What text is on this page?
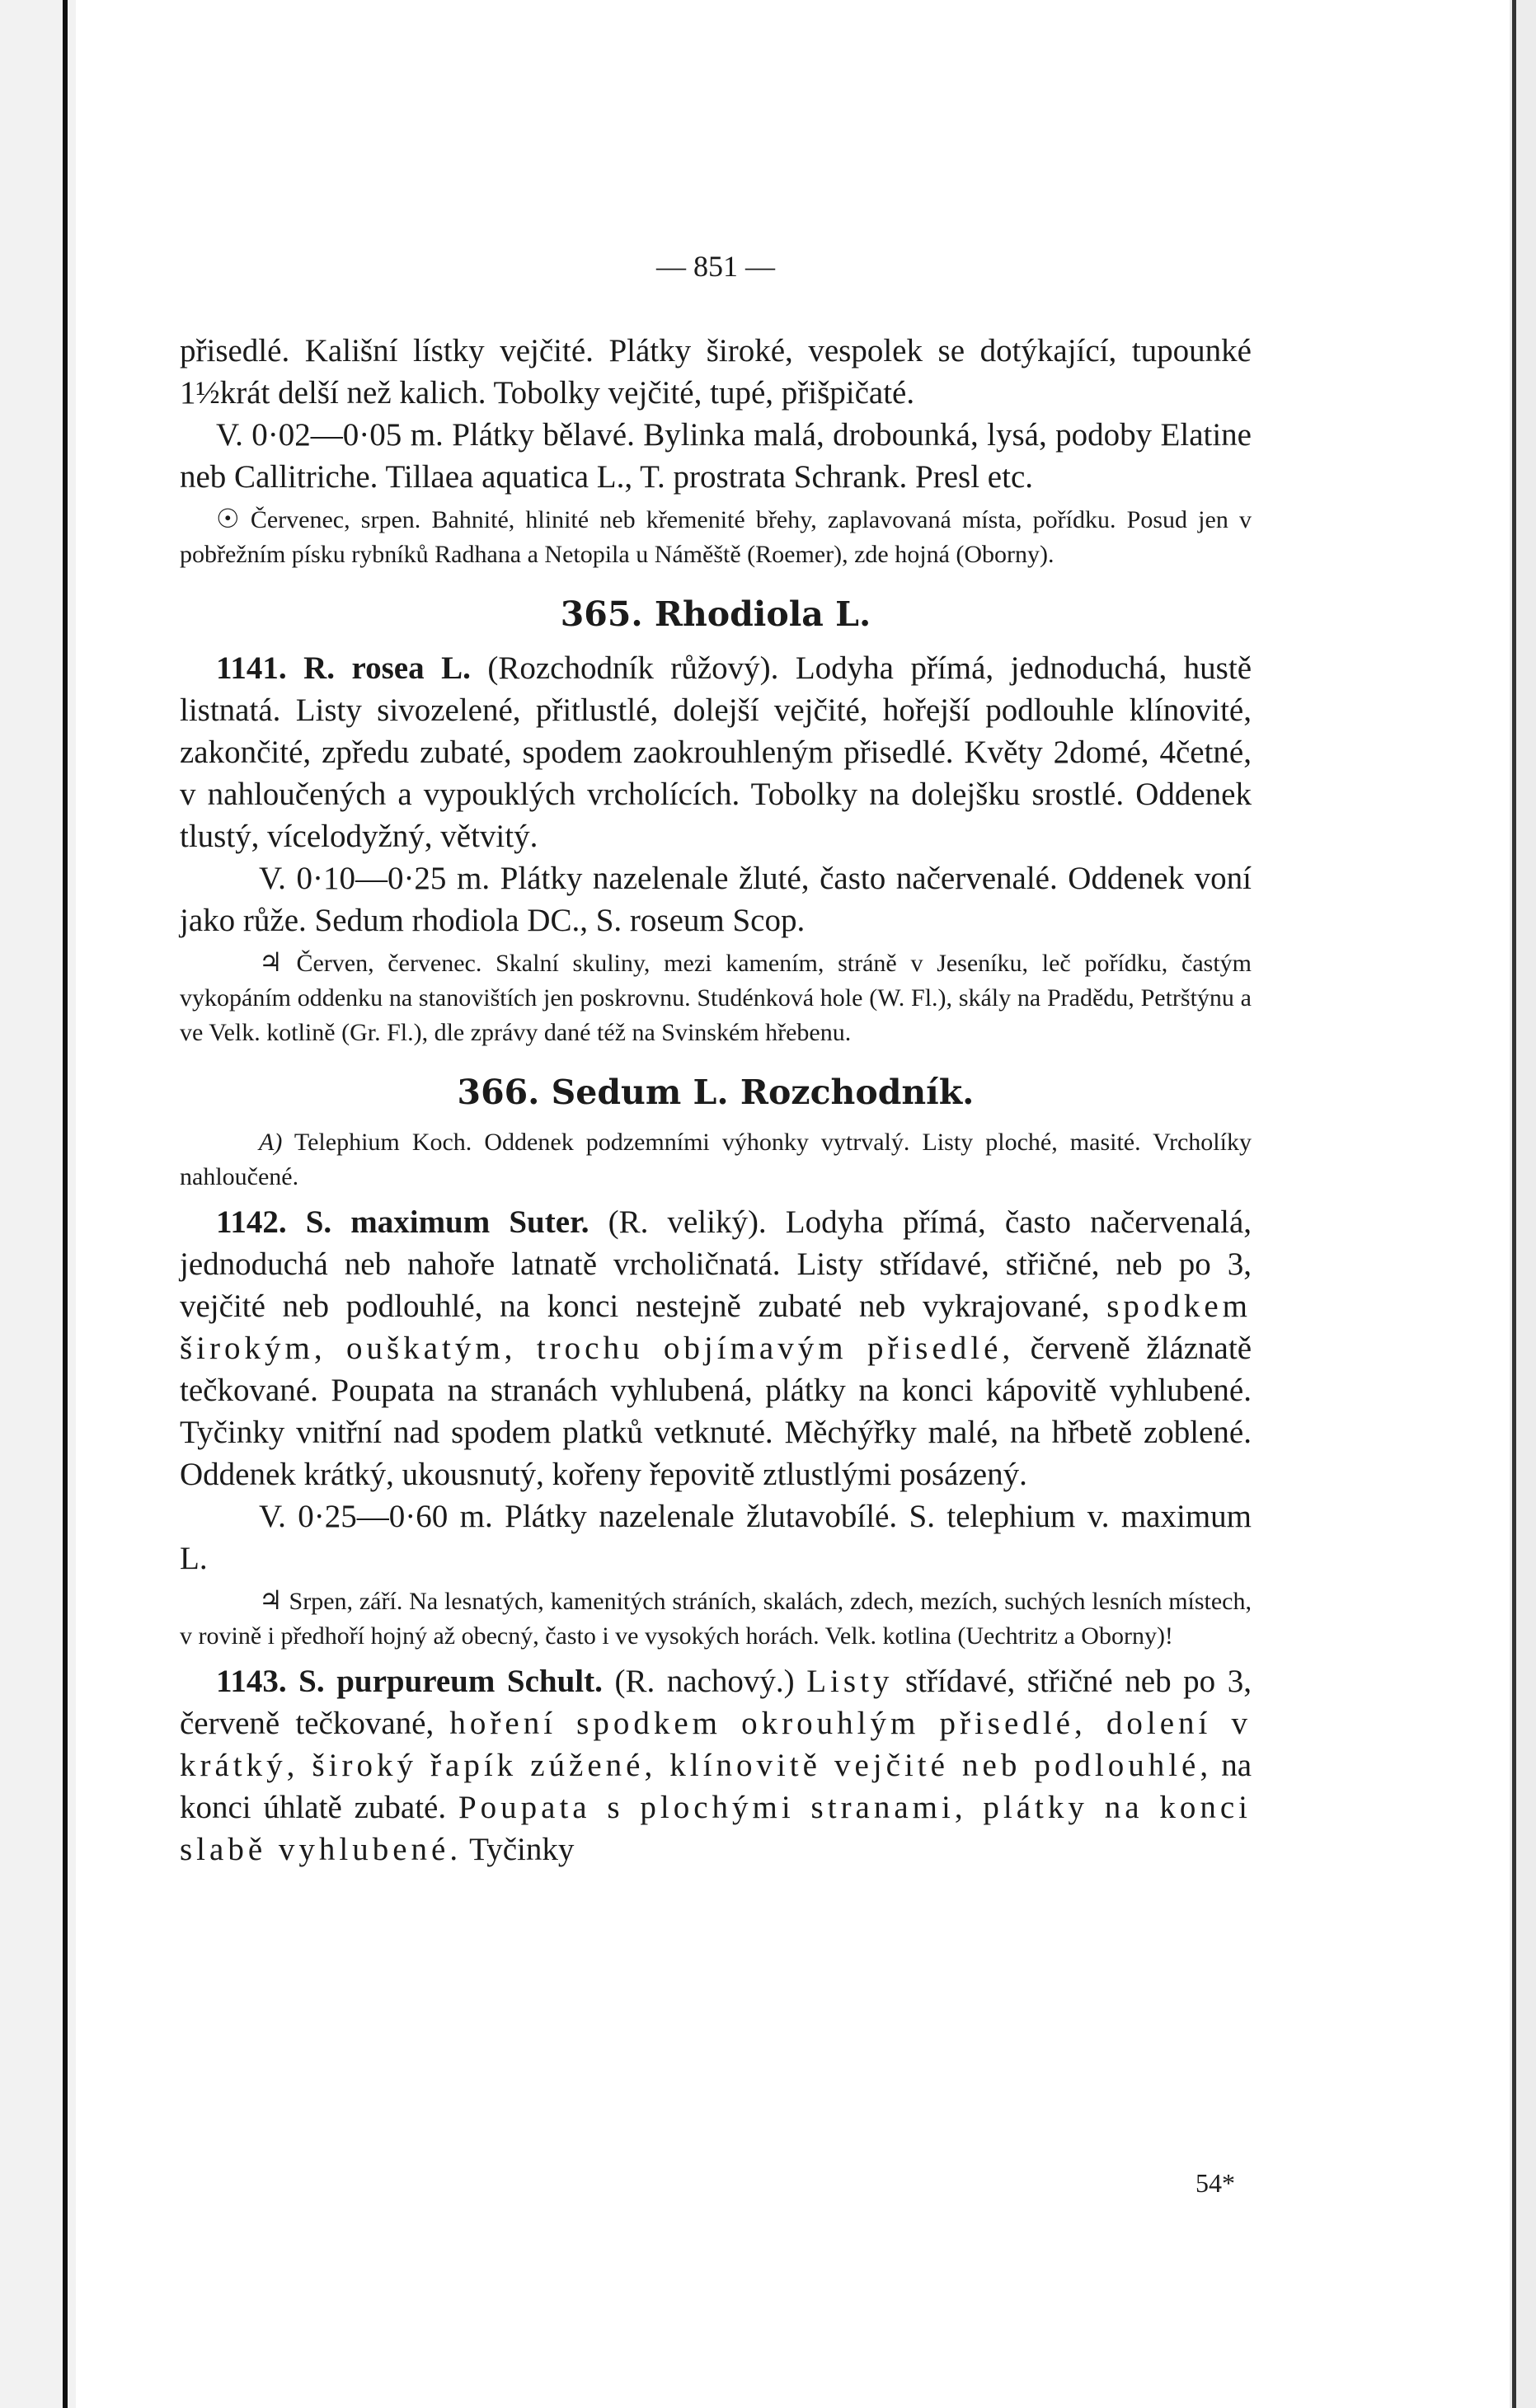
— 851 —

přisedlé. Kališní lístky vejčité. Plátky široké, vespolek se dotýkající, tupounké 1½krát delší než kalich. Tobolky vejčité, tupé, přišpičaté.

V. 0·02—0·05 m. Plátky bělavé. Bylinka malá, drobounká, lysá, podoby Elatine neb Callitriche. Tillaea aquatica L., T. prostrata Schrank. Presl etc.

☉ Červenec, srpen. Bahnité, hlinité neb křemenité břehy, zaplavovaná místa, pořídku. Posud jen v pobřežním písku rybníků Radhana a Netopila u Náměště (Roemer), zde hojná (Oborny).

365. Rhodiola L.

1141. R. rosea L. (Rozchodník růžový). Lodyha přímá, jednoduchá, hustě listnatá. Listy sivozelené, přitlustlé, dolejší vejčité, hořejší podlouhle klínovité, zakončité, zpředu zubaté, spodem zaokrouhleným přisedlé. Květy 2domé, 4četné, v nahloučených a vypouklých vrcholících. Tobolky na dolejšku srostlé. Oddenek tlustý, vícelodyžný, větvitý.

V. 0·10—0·25 m. Plátky nazelenale žluté, často načervenalé. Oddenek voní jako růže. Sedum rhodiola DC., S. roseum Scop.

♃ Červen, červenec. Skalní skuliny, mezi kamením, stráně v Jeseníku, leč pořídku, častým vykopáním oddenku na stanovištích jen poskrovnu. Studénková hole (W. Fl.), skály na Pradědu, Petrštýnu a ve Velk. kotlině (Gr. Fl.), dle zprávy dané též na Svinském hřebenu.

366. Sedum L. Rozchodník.

A) Telephium Koch. Oddenek podzemními výhonky vytrvalý. Listy ploché, masité. Vrcholíky nahloučené.

1142. S. maximum Suter. (R. veliký). Lodyha přímá, často načervenalá, jednoduchá neb nahoře latnatě vrcholičnatá. Listy střídavé, střičné, neb po 3, vejčité neb podlouhlé, na konci nestejně zubaté neb vykrajované, spodkem širokým, ouškatým, trochu objímavým přisedlé, červeně žláznatě tečkované. Poupata na stranách vyhlubená, plátky na konci kápovitě vyhlubené. Tyčinky vnitřní nad spodem platků vetknuté. Měchýřky malé, na hřbetě zoblené. Oddenek krátký, ukousnutý, kořeny řepovitě ztlustlými posázený.

V. 0·25—0·60 m. Plátky nazelenale žlutavobílé. S. telephium v. maximum L.

♃ Srpen, září. Na lesnatých, kamenitých stráních, skalách, zdech, mezích, suchých lesních místech, v rovině i předhoří hojný až obecný, často i ve vysokých horách. Velk. kotlina (Uechtritz a Oborny)!

1143. S. purpureum Schult. (R. nachový.) Listy střídavé, střičné neb po 3, červeně tečkované, hoření spodkem okrouhlým přisedlé, dolení v krátký, široký řapík zúžené, klínovitě vejčité neb podlouhlé, na konci úhlatě zubaté. Poupata s plochými stranami, plátky na konci slabě vyhlubené. Tyčinky

54*
